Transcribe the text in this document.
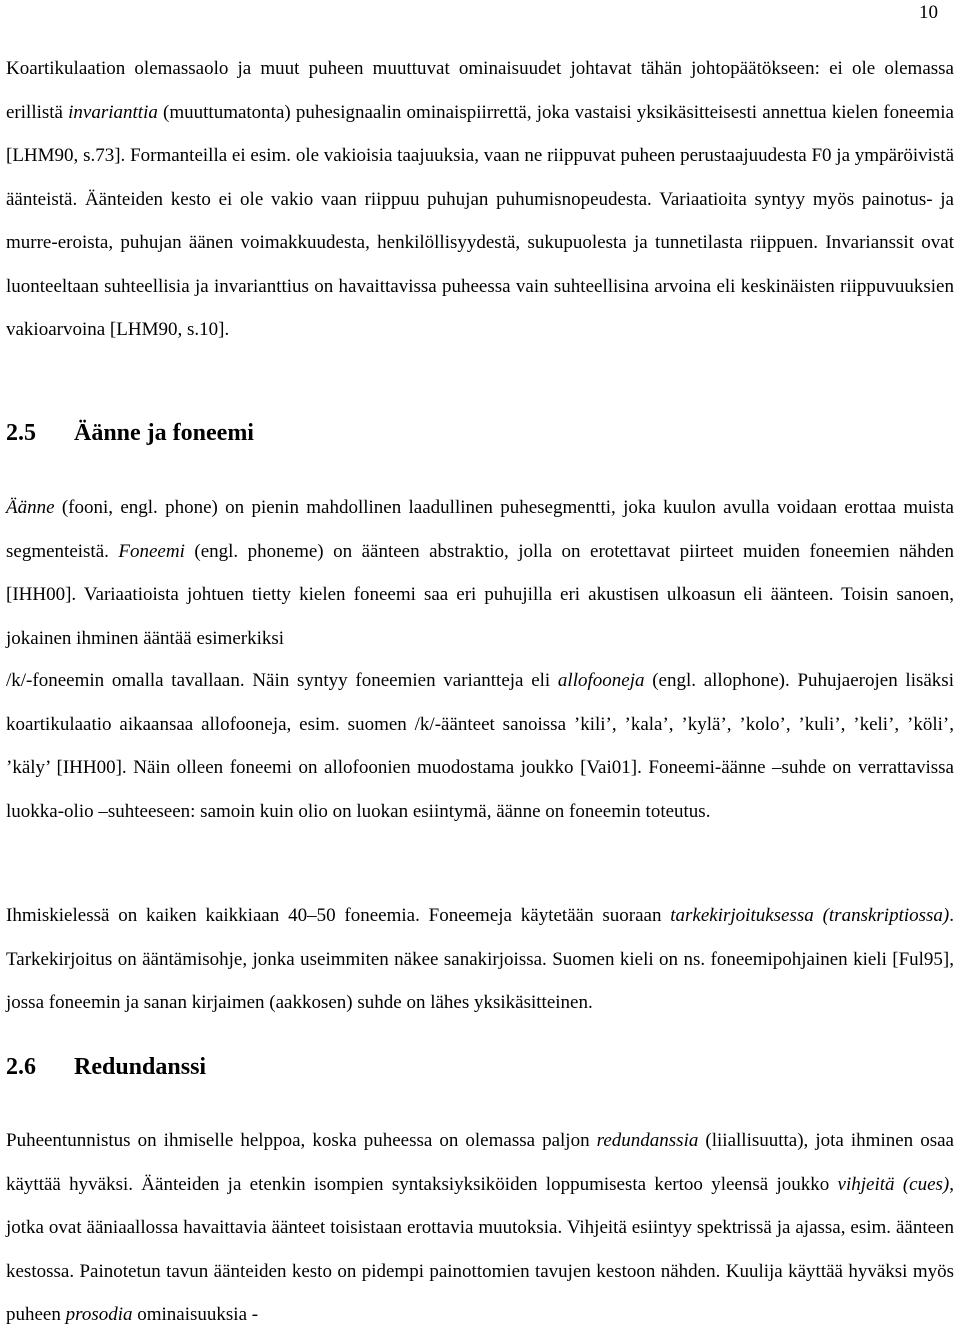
10
Koartikulaation olemassaolo ja muut puheen muuttuvat ominaisuudet johtavat tähän johtopäätökseen: ei ole olemassa erillistä invarianttia (muuttumatonta) puhesignaalin ominaispiirrettä, joka vastaisi yksikäsitteisesti annettua kielen foneemia [LHM90, s.73]. Formanteilla ei esim. ole vakioisia taajuuksia, vaan ne riippuvat puheen perustaajuudesta F0 ja ympäröivistä äänteistä. Äänteiden kesto ei ole vakio vaan riippuu puhujan puhumisnopeudesta. Variaatioita syntyy myös painotus- ja murre-eroista, puhujan äänen voimakkuudesta, henkilöllisyydestä, sukupuolesta ja tunnetilasta riippuen. Invarianssit ovat luonteeltaan suhteellisia ja invarianttius on havaittavissa puheessa vain suhteellisina arvoina eli keskinäisten riippuvuuksien vakioarvoina [LHM90, s.10].
2.5 Äänne ja foneemi
Äänne (fooni, engl. phone) on pienin mahdollinen laadullinen puhesegmentti, joka kuulon avulla voidaan erottaa muista segmenteistä. Foneemi (engl. phoneme) on äänteen abstraktio, jolla on erotettavat piirteet muiden foneemien nähden [IHH00]. Variaatioista johtuen tietty kielen foneemi saa eri puhujilla eri akustisen ulkoasun eli äänteen. Toisin sanoen, jokainen ihminen ääntää esimerkiksi
/k/-foneemin omalla tavallaan. Näin syntyy foneemien variantteja eli allofooneja (engl. allophone). Puhujaerojen lisäksi koartikulaatio aikaansaa allofooneja, esim. suomen /k/-äänteet sanoissa ’kili’, ’kala’, ’kylä’, ’kolo’, ’kuli’, ’keli’, ’köli’, ’käly’ [IHH00]. Näin olleen foneemi on allofoonien muodostama joukko [Vai01]. Foneemi-äänne –suhde on verrattavissa luokka-olio –suhteeseen: samoin kuin olio on luokan esiintymä, äänne on foneemin toteutus.
Ihmiskielessä on kaiken kaikkiaan 40–50 foneemia. Foneemeja käytetään suoraan tarkekirjoituksessa (transkriptiossa). Tarkekirjoitus on ääntämisohje, jonka useimmiten näkee sanakirjoissa. Suomen kieli on ns. foneemipohjainen kieli [Ful95], jossa foneemin ja sanan kirjaimen (aakkosen) suhde on lähes yksikäsitteinen.
2.6 Redundanssi
Puheentunnistus on ihmiselle helppoa, koska puheessa on olemassa paljon redundanssia (liiallisuutta), jota ihminen osaa käyttää hyväksi. Äänteiden ja etenkin isompien syntaksiyksiköiden loppumisesta kertoo yleensä joukko vihjeitä (cues), jotka ovat ääniaallossa havaittavia äänteet toisistaan erottavia muutoksia. Vihjeitä esiintyy spektrissä ja ajassa, esim. äänteen kestossa. Painotetun tavun äänteiden kesto on pidempi painottomien tavujen kestoon nähden. Kuulija käyttää hyväksi myös puheen prosodia ominaisuuksia -
